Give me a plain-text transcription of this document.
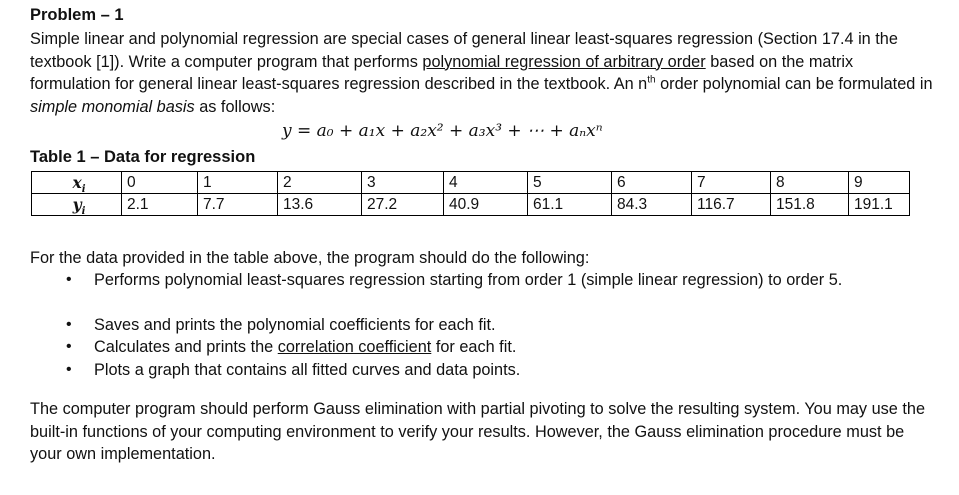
Problem – 1
Simple linear and polynomial regression are special cases of general linear least-squares regression (Section 17.4 in the textbook [1]). Write a computer program that performs polynomial regression of arbitrary order based on the matrix formulation for general linear least-squares regression described in the textbook. An $n^{th}$ order polynomial can be formulated in simple monomial basis as follows:
y = a₀ + a₁x + a₂x² + a₃x³ + ⋯ + aₙxⁿ
Table 1 – Data for regression
$x_i$	0	1	2	3	4	5	6	7	8	9
$y_i$	2.1	7.7	13.6	27.2	40.9	61.1	84.3	116.7	151.8	191.1
For the data provided in the table above, the program should do the following:
• Performs polynomial least-squares regression starting from order 1 (simple linear regression) to order 5.
• Saves and prints the polynomial coefficients for each fit.
• Calculates and prints the correlation coefficient for each fit.
• Plots a graph that contains all fitted curves and data points.
The computer program should perform Gauss elimination with partial pivoting to solve the resulting system. You may use the built-in functions of your computing environment to verify your results. However, the Gauss elimination procedure must be your own implementation.
